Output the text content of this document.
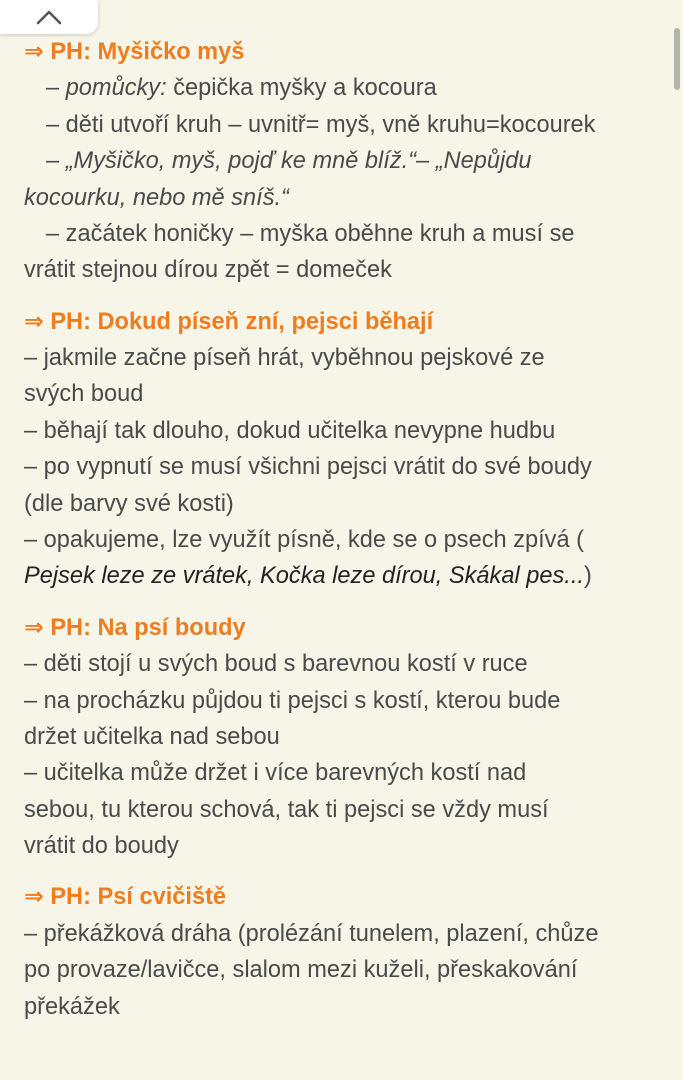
⇒ PH: Myšičko myš
– pomůcky: čepička myšky a kocoura
– děti utvoří kruh – uvnitř= myš, vně kruhu=kocourek
– „Myšičko, myš, pojď ke mně blíž.“– „Nepůjdu
kocourku, nebo mě sníš.“
– začátek honičky – myška oběhne kruh a musí se
vrátit stejnou dírou zpět = domeček
⇒ PH: Dokud píseň zní, pejsci běhají
– jakmile začne píseň hrát, vyběhnou pejskové ze
svých boud
– běhají tak dlouho, dokud učitelka nevypne hudbu
– po vypnutí se musí všichni pejsci vrátit do své boudy
(dle barvy své kosti)
– opakujeme, lze využít písně, kde se o psech zpívá (
Pejsek leze ze vrátek, Kočka leze dírou, Skákal pes...)
⇒ PH: Na psí boudy
– děti stojí u svých boud s barevnou kostí v ruce
– na procházku půjdou ti pejsci s kostí, kterou bude
držet učitelka nad sebou
– učitelka může držet i více barevných kostí nad
sebou, tu kterou schová, tak ti pejsci se vždy musí
vrátit do boudy
⇒ PH: Psí cvičiště
– překážková dráha (prolézání tunelem, plazení, chůze
po provaze/lavičce, slalom mezi kuželi, přeskakování
překážek
